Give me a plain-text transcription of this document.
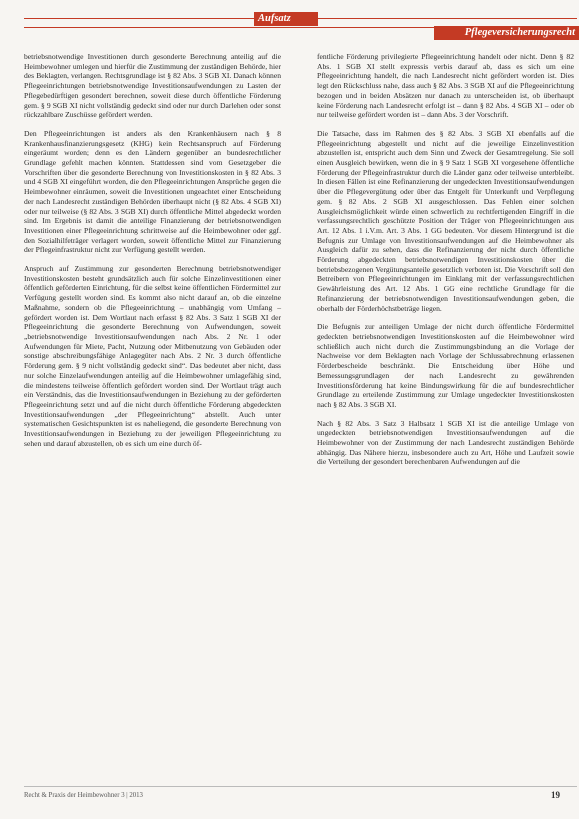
Aufsatz
Pflegeversicherungsrecht

betriebsnotwendige Investitionen durch gesonderte Berechnung anteilig auf die Heimbewohner umlegen und hierfür die Zustimmung der zuständigen Behörde, hier des Beklagten, verlangen. Rechtsgrundlage ist § 82 Abs. 3 SGB XI. Danach können Pflegeeinrichtungen betriebsnotwendige Investitionsaufwendungen zu Lasten der Pflegebedürftigen gesondert berechnen, soweit diese durch öffentliche Förderung gem. § 9 SGB XI nicht vollständig gedeckt sind oder nur durch Darlehen oder sonst rückzahlbare Zuschüsse gefördert werden.

Den Pflegeeinrichtungen ist anders als den Krankenhäusern nach § 8 Krankenhausfinanzierungsgesetz (KHG) kein Rechtsanspruch auf Förderung eingeräumt worden; denn es den Ländern gegenüber an bundesrechtlicher Grundlage gefehlt machen könnten. Stattdessen sind vom Gesetzgeber die Vorschriften über die gesonderte Berechnung von Investitionskosten in § 82 Abs. 3 und 4 SGB XI eingeführt worden, die den Pflegeeinrichtungen Ansprüche gegen die Heimbewohner einräumen, soweit die Investitionen ungeachtet einer Entscheidung der nach Landesrecht zuständigen Behörden überhaupt nicht (§ 82 Abs. 4 SGB XI) oder nur teilweise (§ 82 Abs. 3 SGB XI) durch öffentliche Mittel abgedeckt worden sind. Im Ergebnis ist damit die anteilige Finanzierung der betriebsnotwendigen Investitionen einer Pflegeeinrichtung schrittweise auf die Heimbewohner oder ggf. den Sozialhilfeträger verlagert worden, soweit öffentliche Mittel zur Finanzierung der Pflegeinfrastruktur nicht zur Verfügung gestellt werden.

Anspruch auf Zustimmung zur gesonderten Berechnung betriebsnotwendiger Investitionskosten besteht grundsätzlich auch für solche Einzelinvestitionen einer öffentlich geförderten Einrichtung, für die selbst keine öffentlichen Fördermittel zur Verfügung gestellt worden sind. Es kommt also nicht darauf an, ob die einzelne Maßnahme, sondern ob die Pflegeeinrichtung – unabhängig vom Umfang – gefördert worden ist. Dem Wortlaut nach erfasst § 82 Abs. 3 Satz 1 SGB XI der Pflegeeinrichtung die gesonderte Berechnung von Aufwendungen, soweit „betriebsnotwendige Investitionsaufwendungen nach Abs. 2 Nr. 1 oder Aufwendungen für Miete, Pacht, Nutzung oder Mitbenutzung von Gebäuden oder sonstige abschreibungsfähige Anlagegüter nach Abs. 2 Nr. 3 durch öffentliche Förderung gem. § 9 nicht vollständig gedeckt sind“. Das bedeutet aber nicht, dass nur solche Einzelaufwendungen anteilig auf die Heimbewohner umlagefähig sind, die mindestens teilweise öffentlich gefördert worden sind. Der Wortlaut trägt auch ein Verständnis, das die Investitionsaufwendungen in Beziehung zu der geförderten Pflegeeinrichtung setzt und auf die nicht durch öffentliche Förderung abgedeckten Investitionsaufwendungen „der Pflegeeinrichtung“ abstellt. Auch unter systematischen Gesichtspunkten ist es naheliegend, die gesonderte Berechnung von Investitionsaufwendungen in Beziehung zu der jeweiligen Pflegeeinrichtung zu sehen und darauf abzustellen, ob es sich um eine durch öf-

fentliche Förderung privilegierte Pflegeeinrichtung handelt oder nicht. Denn § 82 Abs. 1 SGB XI stellt expressis verbis darauf ab, dass es sich um eine Pflegeeinrichtung handelt, die nach Landesrecht nicht gefördert worden ist. Dies legt den Rückschluss nahe, dass auch § 82 Abs. 3 SGB XI auf die Pflegeeinrichtung bezogen und in beiden Absätzen nur danach zu unterscheiden ist, ob überhaupt keine Förderung nach Landesrecht erfolgt ist – dann § 82 Abs. 4 SGB XI – oder ob nur teilweise gefördert worden ist – dann Abs. 3 der Vorschrift.

Die Tatsache, dass im Rahmen des § 82 Abs. 3 SGB XI ebenfalls auf die Pflegeeinrichtung abgestellt und nicht auf die jeweilige Einzelinvestition abzustellen ist, entspricht auch dem Sinn und Zweck der Gesamtregelung. Sie soll einen Ausgleich bewirken, wenn die in § 9 Satz 1 SGB XI vorgesehene öffentliche Förderung der Pflegeinfrastruktur durch die Länder ganz oder teilweise unterbleibt. In diesen Fällen ist eine Refinanzierung der ungedeckten Investitionsaufwendungen über die Pflegevergütung oder über das Entgelt für Unterkunft und Verpflegung gem. § 82 Abs. 2 SGB XI ausgeschlossen. Das Fehlen einer solchen Ausgleichsmöglichkeit würde einen schwerlich zu rechtfertigenden Eingriff in die verfassungsrechtlich geschützte Position der Träger von Pflegeeinrichtungen aus Art. 12 Abs. 1 i.V.m. Art. 3 Abs. 1 GG bedeuten. Vor diesem Hintergrund ist die Befugnis zur Umlage von Investitionsaufwendungen auf die Heimbewohner als Ausgleich dafür zu sehen, dass die Refinanzierung der nicht durch öffentliche Förderung abgedeckten betriebsnotwendigen Investitionskosten über die betriebsbezogenen Vergütungsanteile gesetzlich verboten ist. Die Vorschrift soll den Betreibern von Pflegeeinrichtungen im Einklang mit der verfassungsrechtlichen Gewährleistung des Art. 12 Abs. 1 GG eine rechtliche Grundlage für die Refinanzierung der betriebsnotwendigen Investitionsaufwendungen geben, die oberhalb der Förderhöchstbeträge liegen.

Die Befugnis zur anteiligen Umlage der nicht durch öffentliche Fördermittel gedeckten betriebsnotwendigen Investitionskosten auf die Heimbewohner wird schließlich auch nicht durch die Zustimmungsbindung an die Vorlage der Nachweise vor dem Beklagten nach Vorlage der Schlussabrechnung erlassenen Förderbescheide beschränkt. Die Entscheidung über Höhe und Bemessungsgrundlagen der nach Landesrecht zu gewährenden Investitionsförderung hat keine Bindungswirkung für die auf bundesrechtlicher Grundlage zu erteilende Zustimmung zur Umlage ungedeckter Investitionskosten nach § 82 Abs. 3 SGB XI.

Nach § 82 Abs. 3 Satz 3 Halbsatz 1 SGB XI ist die anteilige Umlage von ungedeckten betriebsnotwendigen Investitionsaufwendungen auf die Heimbewohner von der Zustimmung der nach Landesrecht zuständigen Behörde abhängig. Das Nähere hierzu, insbesondere auch zu Art, Höhe und Laufzeit sowie die Verteilung der gesondert berechenbaren Aufwendungen auf die

Recht & Praxis der Heimbewohner 3 | 2013	19
